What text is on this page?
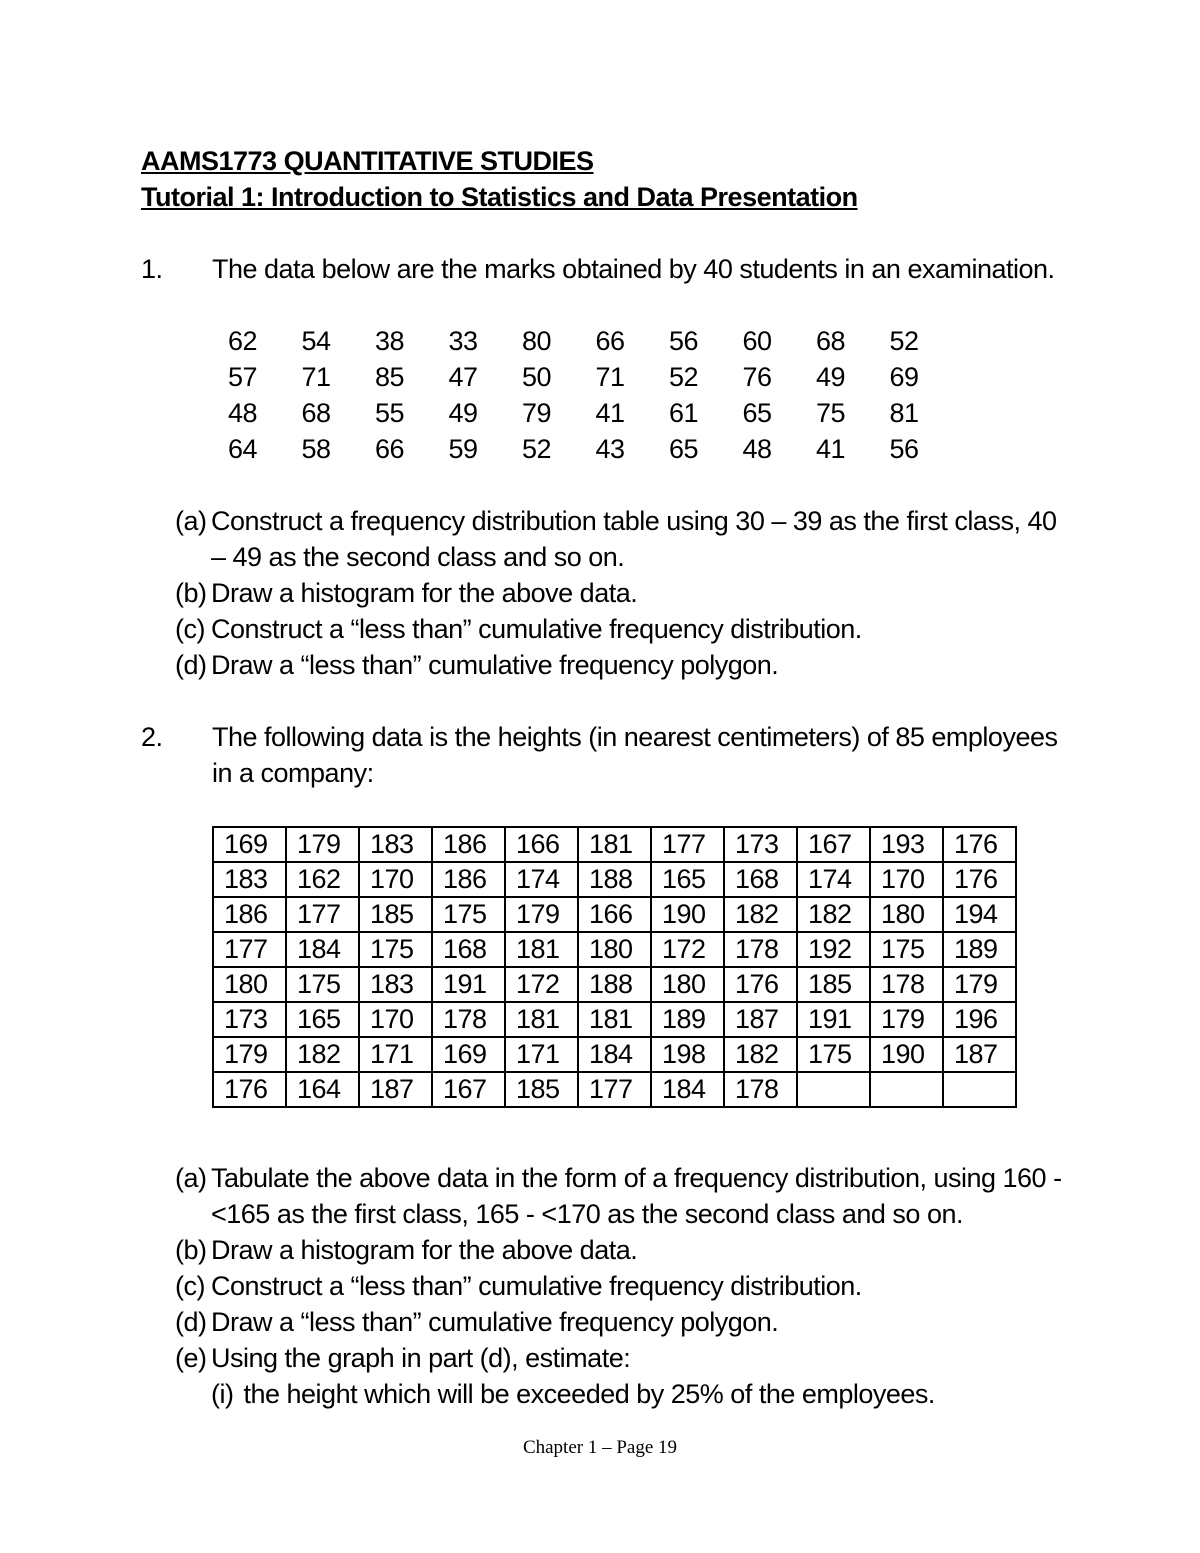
AAMS1773 QUANTITATIVE STUDIES
Tutorial 1: Introduction to Statistics and Data Presentation
1. The data below are the marks obtained by 40 students in an examination.
62	54	38	33	80	66	56	60	68	52
57	71	85	47	50	71	52	76	49	69
48	68	55	49	79	41	61	65	75	81
64	58	66	59	52	43	65	48	41	56
(a) Construct a frequency distribution table using 30 – 39 as the first class, 40 – 49 as the second class and so on.
(b) Draw a histogram for the above data.
(c) Construct a “less than” cumulative frequency distribution.
(d) Draw a “less than” cumulative frequency polygon.
2. The following data is the heights (in nearest centimeters) of 85 employees
in a company:
169	179	183	186	166	181	177	173	167	193	176
183	162	170	186	174	188	165	168	174	170	176
186	177	185	175	179	166	190	182	182	180	194
177	184	175	168	181	180	172	178	192	175	189
180	175	183	191	172	188	180	176	185	178	179
173	165	170	178	181	181	189	187	191	179	196
179	182	171	169	171	184	198	182	175	190	187
176	164	187	167	185	177	184	178			
(a) Tabulate the above data in the form of a frequency distribution, using 160 - <165 as the first class, 165 - <170 as the second class and so on.
(b) Draw a histogram for the above data.
(c) Construct a “less than” cumulative frequency distribution.
(d) Draw a “less than” cumulative frequency polygon.
(e) Using the graph in part (d), estimate:
(i) the height which will be exceeded by 25% of the employees.
Chapter 1 – Page 19
